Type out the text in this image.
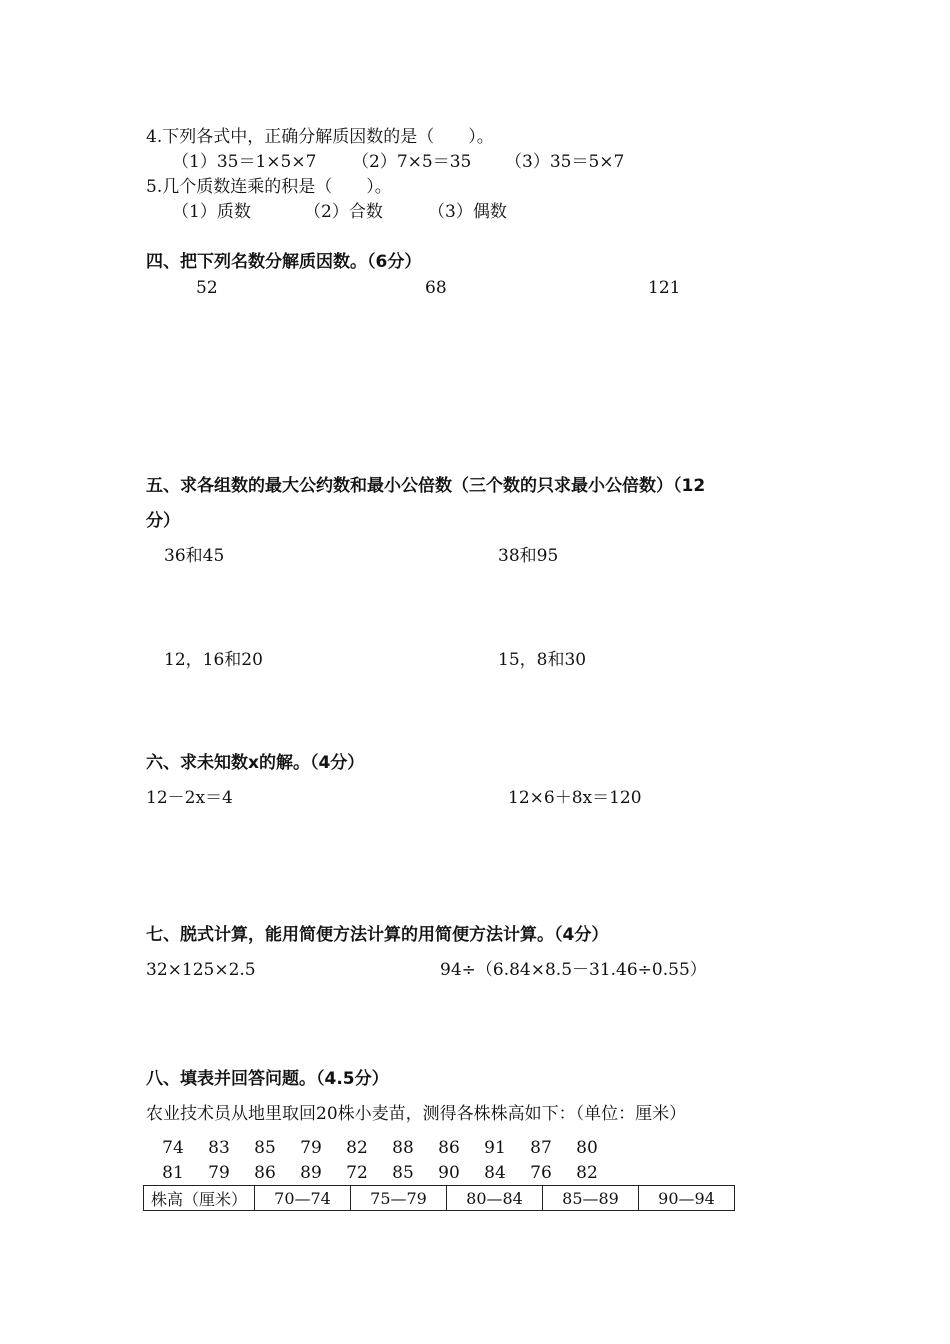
4.下列各式中，正确分解质因数的是（　　）。
（1）35＝1×5×7 （2）7×5＝35 （3）35＝5×7
5.几个质数连乘的积是（　　）。
（1）质数	（2）合数	（3）偶数
四、把下列名数分解质因数。（6分）
52	68	121
五、求各组数的最大公约数和最小公倍数（三个数的只求最小公倍数）（12
分）
36和45	38和95
12，16和20	15，8和30
六、求未知数x的解。（4分）
12－2x＝4	12×6＋8x＝120
七、脱式计算，能用简便方法计算的用简便方法计算。（4分）
32×125×2.5	94÷（6.84×8.5－31.46÷0.55）
八、填表并回答问题。（4.5分）
农业技术员从地里取回20株小麦苗，测得各株株高如下：（单位：厘米）
74	83	85	79	82	88	86	91	87	80
81	79	86	89	72	85	90	84	76	82
株高（厘米）	70—74	75—79	80—84	85—89	90—94
